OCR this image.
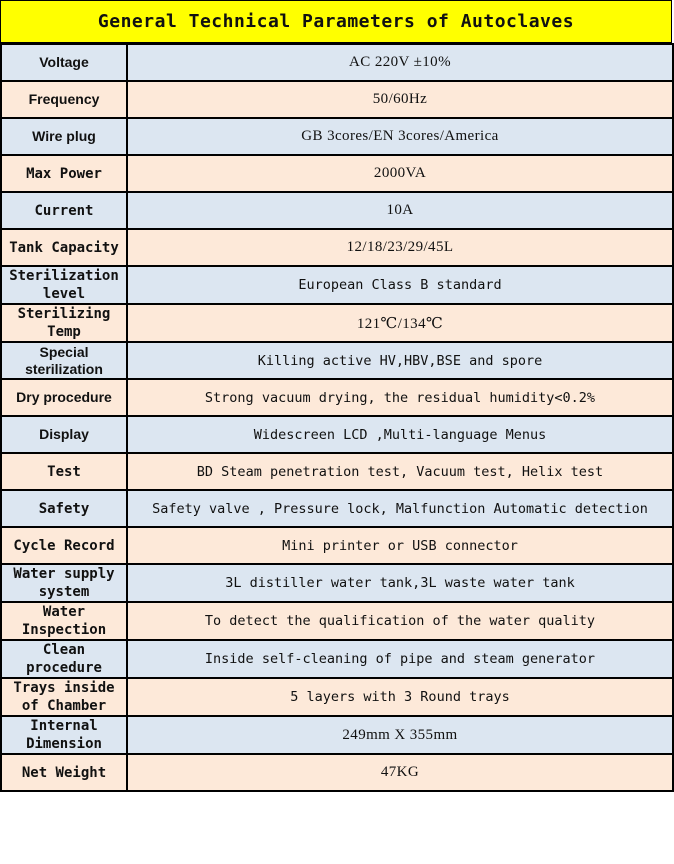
General Technical Parameters of Autoclaves
Voltage	AC 220V ±10%
Frequency	50/60Hz
Wire plug	GB 3cores/EN 3cores/America
Max Power	2000VA
Current	10A
Tank Capacity	12/18/23/29/45L
Sterilization level	European Class B standard
Sterilizing Temp	121℃/134℃
Special sterilization	Killing active HV,HBV,BSE and spore
Dry procedure	Strong vacuum drying, the residual humidity<0.2%
Display	Widescreen LCD ,Multi-language Menus
Test	BD Steam penetration test, Vacuum test, Helix test
Safety	Safety valve , Pressure lock, Malfunction Automatic detection
Cycle Record	Mini printer or USB connector
Water supply system	3L distiller water tank,3L waste water tank
Water Inspection	To detect the qualification of the water quality
Clean procedure	Inside self-cleaning of pipe and steam generator
Trays inside of Chamber	5 layers with 3 Round trays
Internal Dimension	249mm X 355mm
Net Weight	47KG
